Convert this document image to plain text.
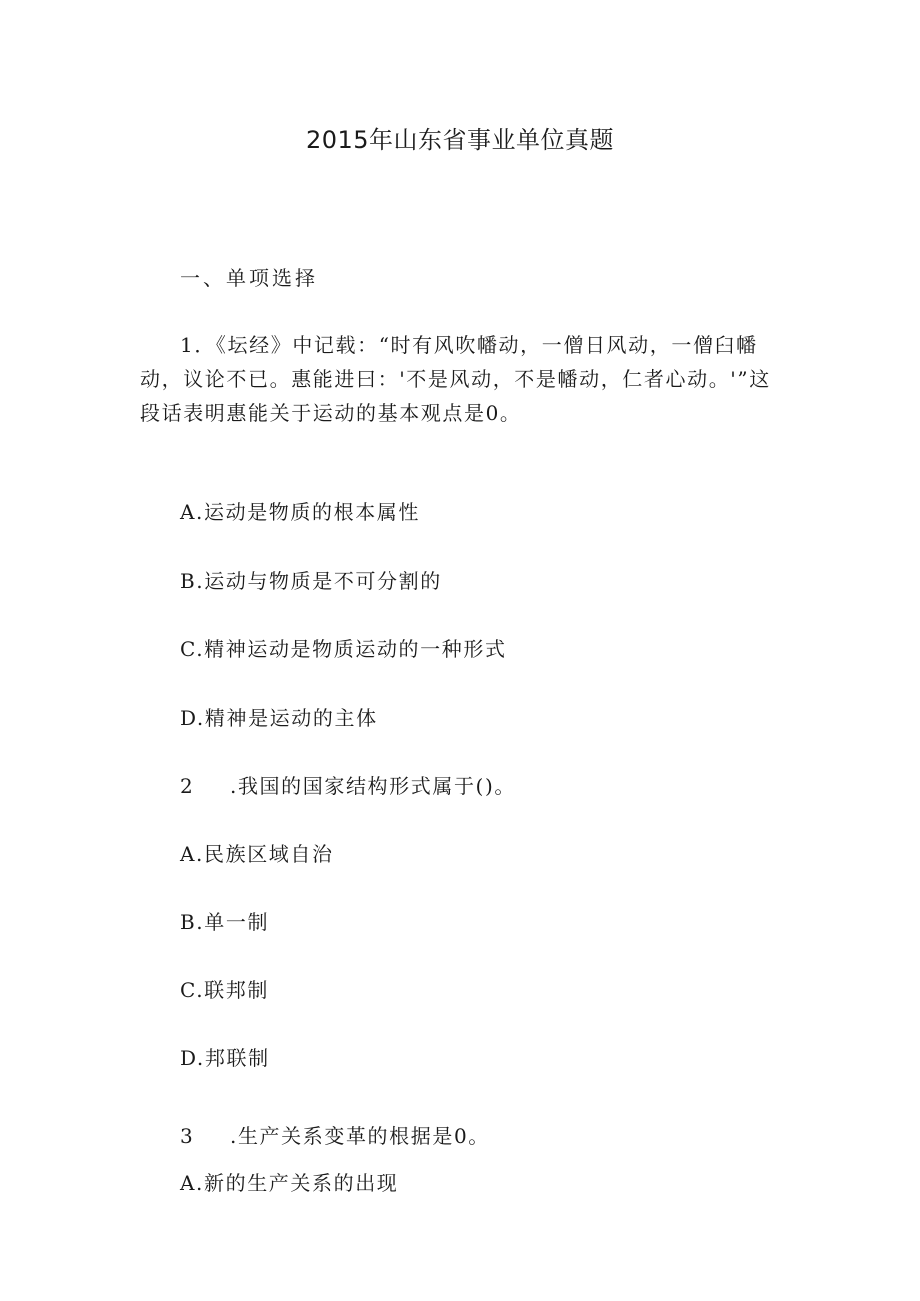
2015年山东省事业单位真题
一、单项选择
1．《坛经》中记载：“时有风吹幡动，一僧日风动，一僧臼幡动，议论不已。惠能进曰：'不是风动，不是幡动，仁者心动。'”这段话表明惠能关于运动的基本观点是0。
A.运动是物质的根本属性
B.运动与物质是不可分割的
C.精神运动是物质运动的一种形式
D.精神是运动的主体
2 .我国的国家结构形式属于()。
A.民族区域自治
B.单一制
C.联邦制
D.邦联制
3 .生产关系变革的根据是0。
A.新的生产关系的出现
